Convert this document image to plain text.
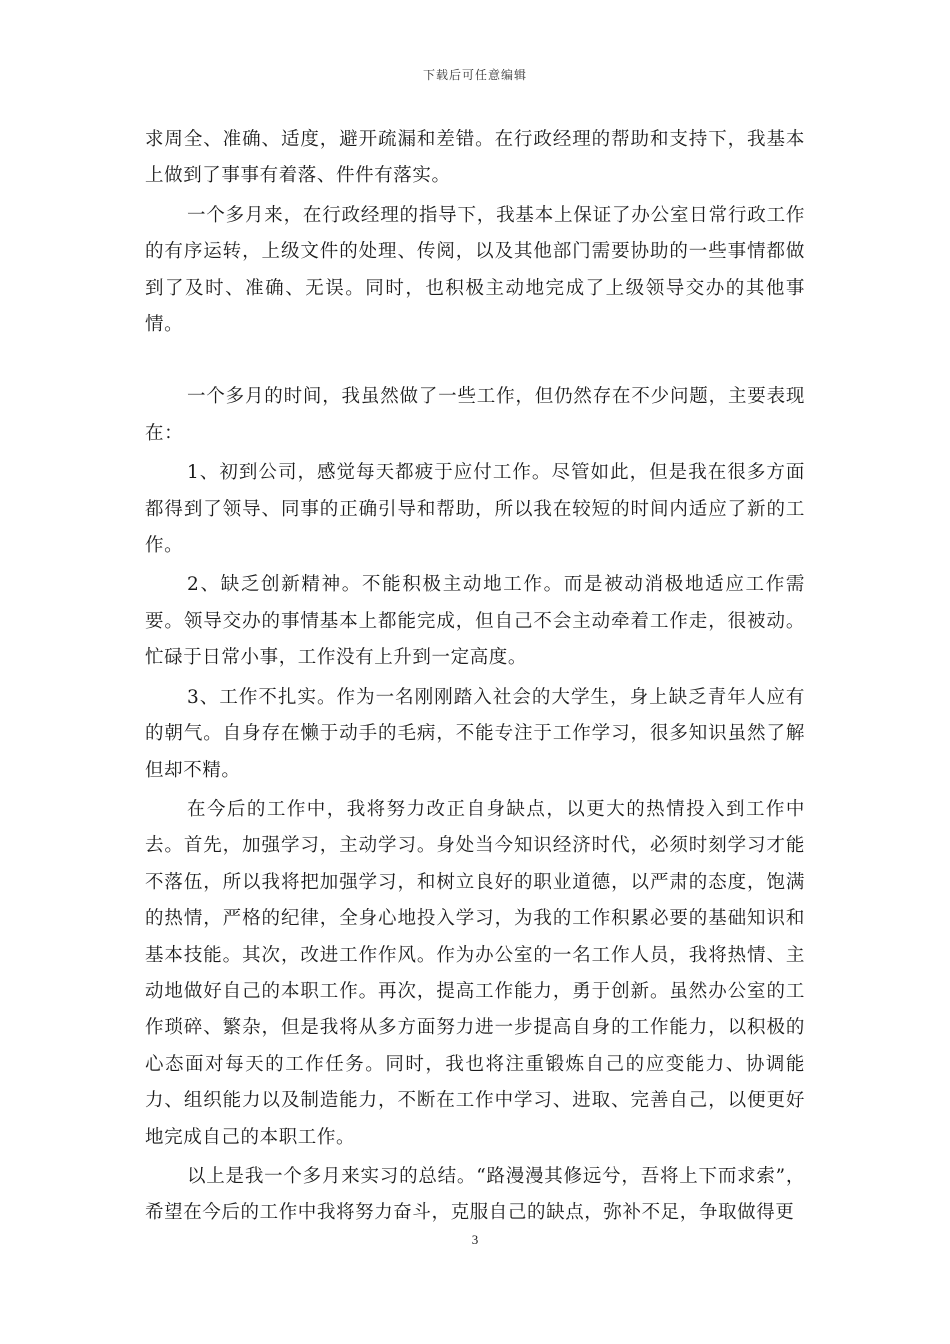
下载后可任意编辑

求周全、准确、适度，避开疏漏和差错。在行政经理的帮助和支持下，我基本上做到了事事有着落、件件有落实。

一个多月来，在行政经理的指导下，我基本上保证了办公室日常行政工作的有序运转，上级文件的处理、传阅，以及其他部门需要协助的一些事情都做到了及时、准确、无误。同时，也积极主动地完成了上级领导交办的其他事情。

一个多月的时间，我虽然做了一些工作，但仍然存在不少问题，主要表现在：

1、初到公司，感觉每天都疲于应付工作。尽管如此，但是我在很多方面都得到了领导、同事的正确引导和帮助，所以我在较短的时间内适应了新的工作。

2、缺乏创新精神。不能积极主动地工作。而是被动消极地适应工作需要。领导交办的事情基本上都能完成，但自己不会主动牵着工作走，很被动。忙碌于日常小事，工作没有上升到一定高度。

3、工作不扎实。作为一名刚刚踏入社会的大学生，身上缺乏青年人应有的朝气。自身存在懒于动手的毛病，不能专注于工作学习，很多知识虽然了解但却不精。

在今后的工作中，我将努力改正自身缺点，以更大的热情投入到工作中去。首先，加强学习，主动学习。身处当今知识经济时代，必须时刻学习才能不落伍，所以我将把加强学习，和树立良好的职业道德，以严肃的态度，饱满的热情，严格的纪律，全身心地投入学习，为我的工作积累必要的基础知识和基本技能。其次，改进工作作风。作为办公室的一名工作人员，我将热情、主动地做好自己的本职工作。再次，提高工作能力，勇于创新。虽然办公室的工作琐碎、繁杂，但是我将从多方面努力进一步提高自身的工作能力，以积极的心态面对每天的工作任务。同时，我也将注重锻炼自己的应变能力、协调能力、组织能力以及制造能力，不断在工作中学习、进取、完善自己，以便更好地完成自己的本职工作。

以上是我一个多月来实习的总结。“路漫漫其修远兮，吾将上下而求索”，希望在今后的工作中我将努力奋斗，克服自己的缺点，弥补不足，争取做得更

3
